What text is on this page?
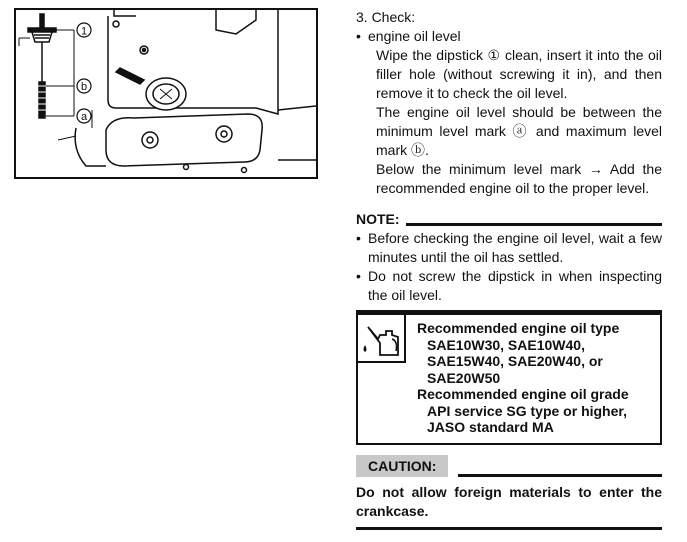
1
b
a

3. Check:

• engine oil level

Wipe the dipstick ① clean, insert it into the oil filler hole (without screwing it in), and then remove it to check the oil level.

The engine oil level should be between the minimum level mark ⓐ and maximum level mark ⓑ.

Below the minimum level mark → Add the recommended engine oil to the proper level.

NOTE:
• Before checking the engine oil level, wait a few minutes until the oil has settled.
• Do not screw the dipstick in when inspecting the oil level.
Recommended engine oil type
SAE10W30, SAE10W40,
SAE15W40, SAE20W40, or
SAE20W50
Recommended engine oil grade
API service SG type or higher,
JASO standard MA
CAUTION:
Do not allow foreign materials to enter the crankcase.
